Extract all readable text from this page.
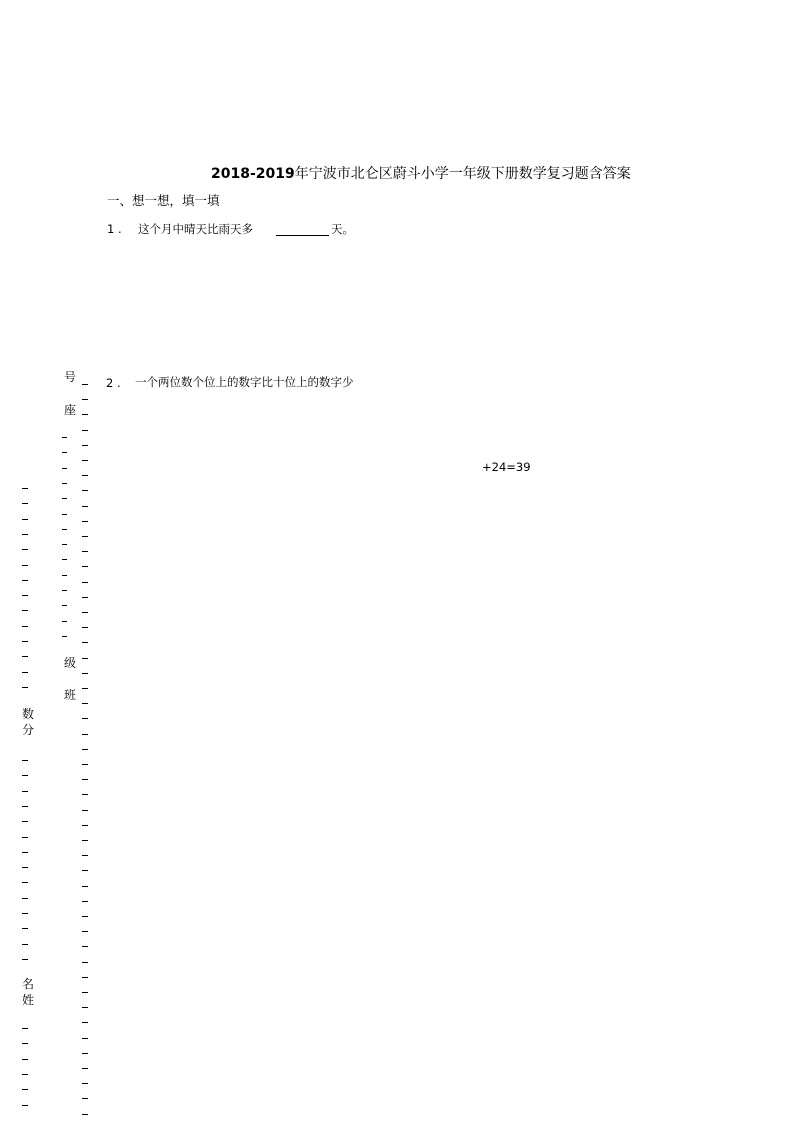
2018-2019年宁波市北仑区蔚斗小学一年级下册数学复习题含答案
一、想一想，填一填
1 . 这个月中晴天比雨天多	天。
2 . 一个两位数个位上的数字比十位上的数字少
+24=39
号
座
级
班
数
分
名
姓
